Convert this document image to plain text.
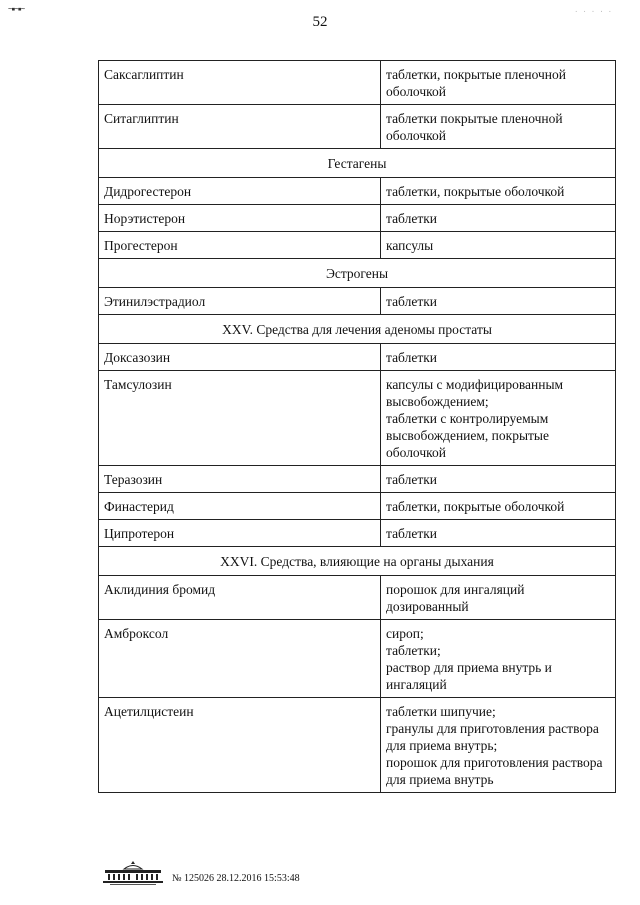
~▪~▪~	· · · · ·
52
Саксаглиптин	таблетки, покрытые пленочной оболочкой

Ситаглиптин	таблетки покрытые пленочной оболочкой

Гестагены	
Дидрогестерон	таблетки, покрытые оболочкой

Норэтистерон	таблетки

Прогестерон	капсулы

Эстрогены	
Этинилэстрадиол	таблетки

XXV. Средства для лечения аденомы простаты	
Доксазозин	таблетки

Тамсулозин	капсулы с модифицированным высвобождением;
таблетки с контролируемым высвобождением, покрытые оболочкой

Теразозин	таблетки

Финастерид	таблетки, покрытые оболочкой

Ципротерон	таблетки

XXVI. Средства, влияющие на органы дыхания	
Аклидиния бромид	порошок для ингаляций дозированный

Амброксол	сироп;
таблетки;
раствор для приема внутрь и ингаляций

Ацетилцистеин	таблетки шипучие;
гранулы для приготовления раствора для приема внутрь;
порошок для приготовления раствора для приема внутрь
№ 125026 28.12.2016 15:53:48
